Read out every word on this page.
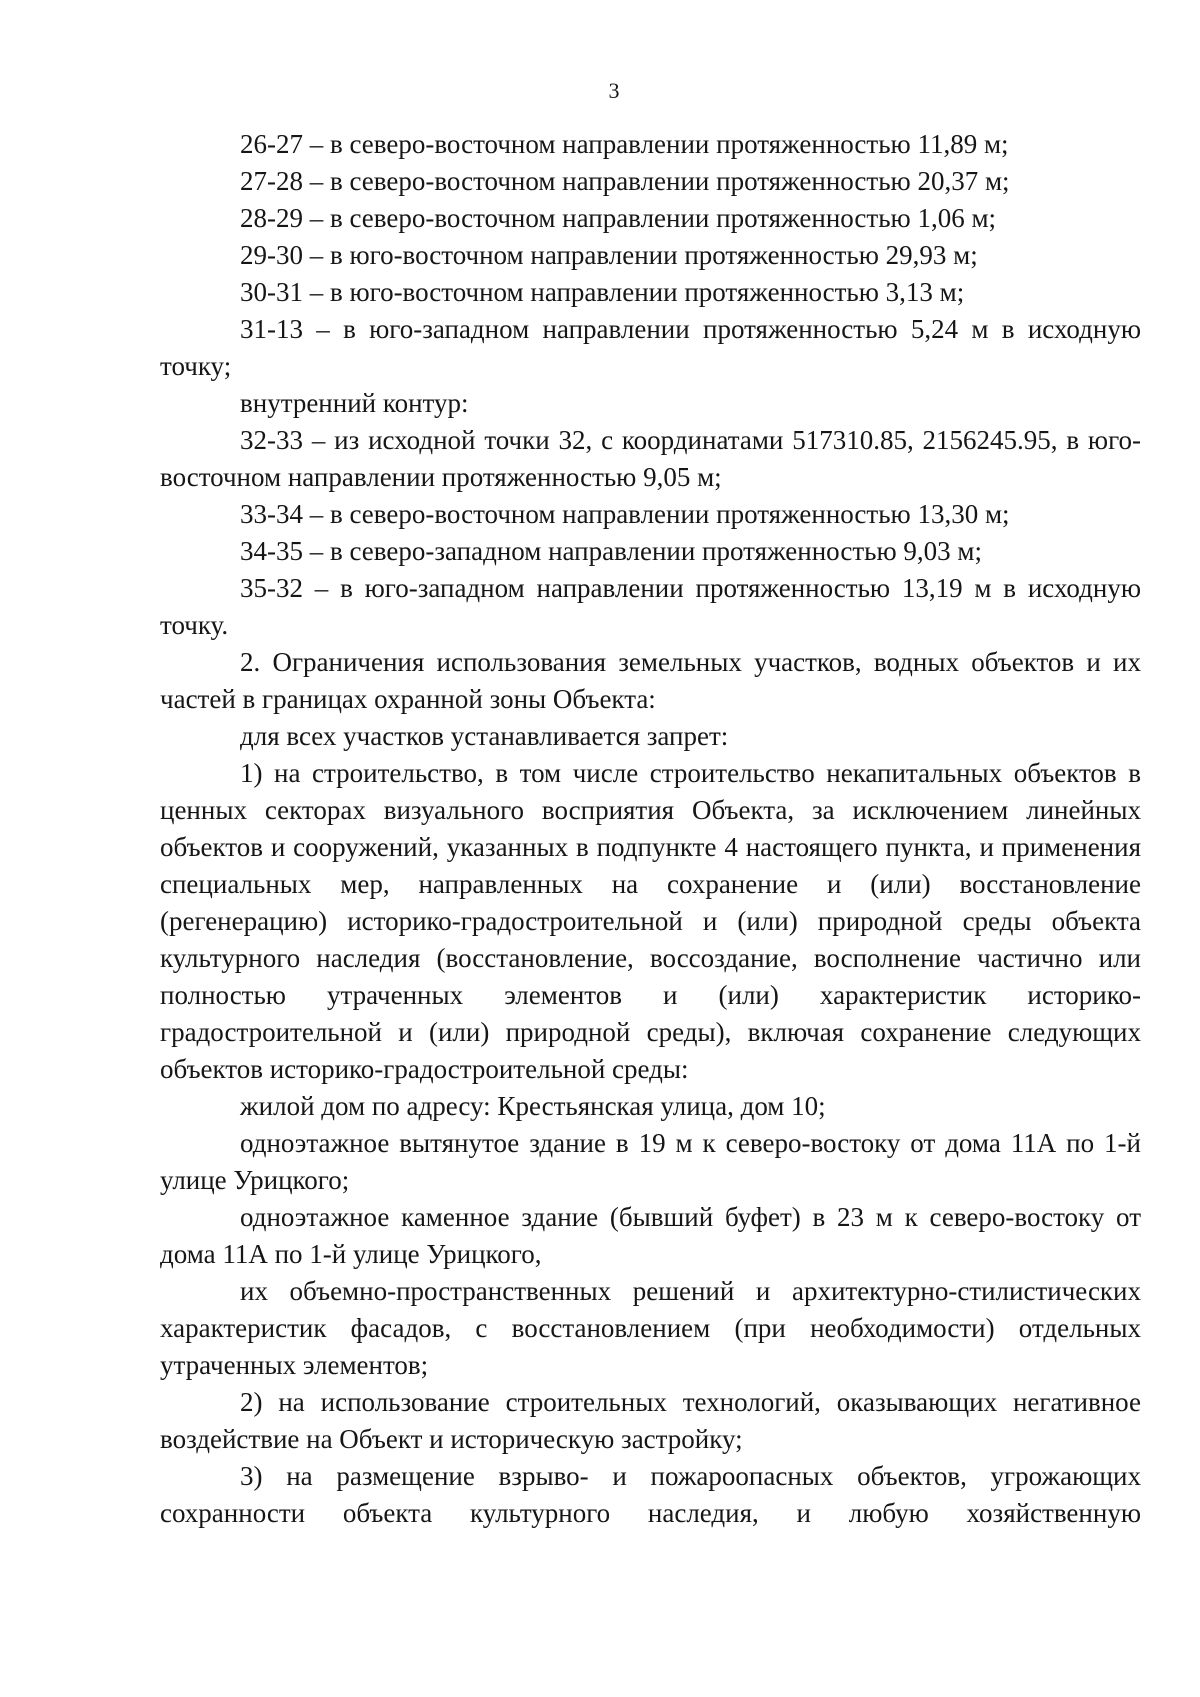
3

26-27 – в северо-восточном направлении протяженностью 11,89 м;

27-28 – в северо-восточном направлении протяженностью 20,37 м;

28-29 – в северо-восточном направлении протяженностью 1,06 м;

29-30 – в юго-восточном направлении протяженностью 29,93 м;

30-31 – в юго-восточном направлении протяженностью 3,13 м;

31-13 – в юго-западном направлении протяженностью 5,24 м в исходную точку;

внутренний контур:

32-33 – из исходной точки 32, с координатами 517310.85, 2156245.95, в юго-восточном направлении протяженностью 9,05 м;

33-34 – в северо-восточном направлении протяженностью 13,30 м;

34-35 – в северо-западном направлении протяженностью 9,03 м;

35-32 – в юго-западном направлении протяженностью 13,19 м в исходную точку.

2. Ограничения использования земельных участков, водных объектов и их частей в границах охранной зоны Объекта:

для всех участков устанавливается запрет:

1) на строительство, в том числе строительство некапитальных объектов в ценных секторах визуального восприятия Объекта, за исключением линейных объектов и сооружений, указанных в подпункте 4 настоящего пункта, и применения специальных мер, направленных на сохранение и (или) восстановление (регенерацию) историко-градостроительной и (или) природной среды объекта культурного наследия (восстановление, воссоздание, восполнение частично или полностью утраченных элементов и (или) характеристик историко-градостроительной и (или) природной среды), включая сохранение следующих объектов историко-градостроительной среды:

жилой дом по адресу: Крестьянская улица, дом 10;

одноэтажное вытянутое здание в 19 м к северо-востоку от дома 11А по 1-й улице Урицкого;

одноэтажное каменное здание (бывший буфет) в 23 м к северо-востоку от дома 11А по 1-й улице Урицкого,

их объемно-пространственных решений и архитектурно-стилистических характеристик фасадов, с восстановлением (при необходимости) отдельных утраченных элементов;

2) на использование строительных технологий, оказывающих негативное воздействие на Объект и историческую застройку;

3) на размещение взрыво- и пожароопасных объектов, угрожающих сохранности объекта культурного наследия, и любую хозяйственную
